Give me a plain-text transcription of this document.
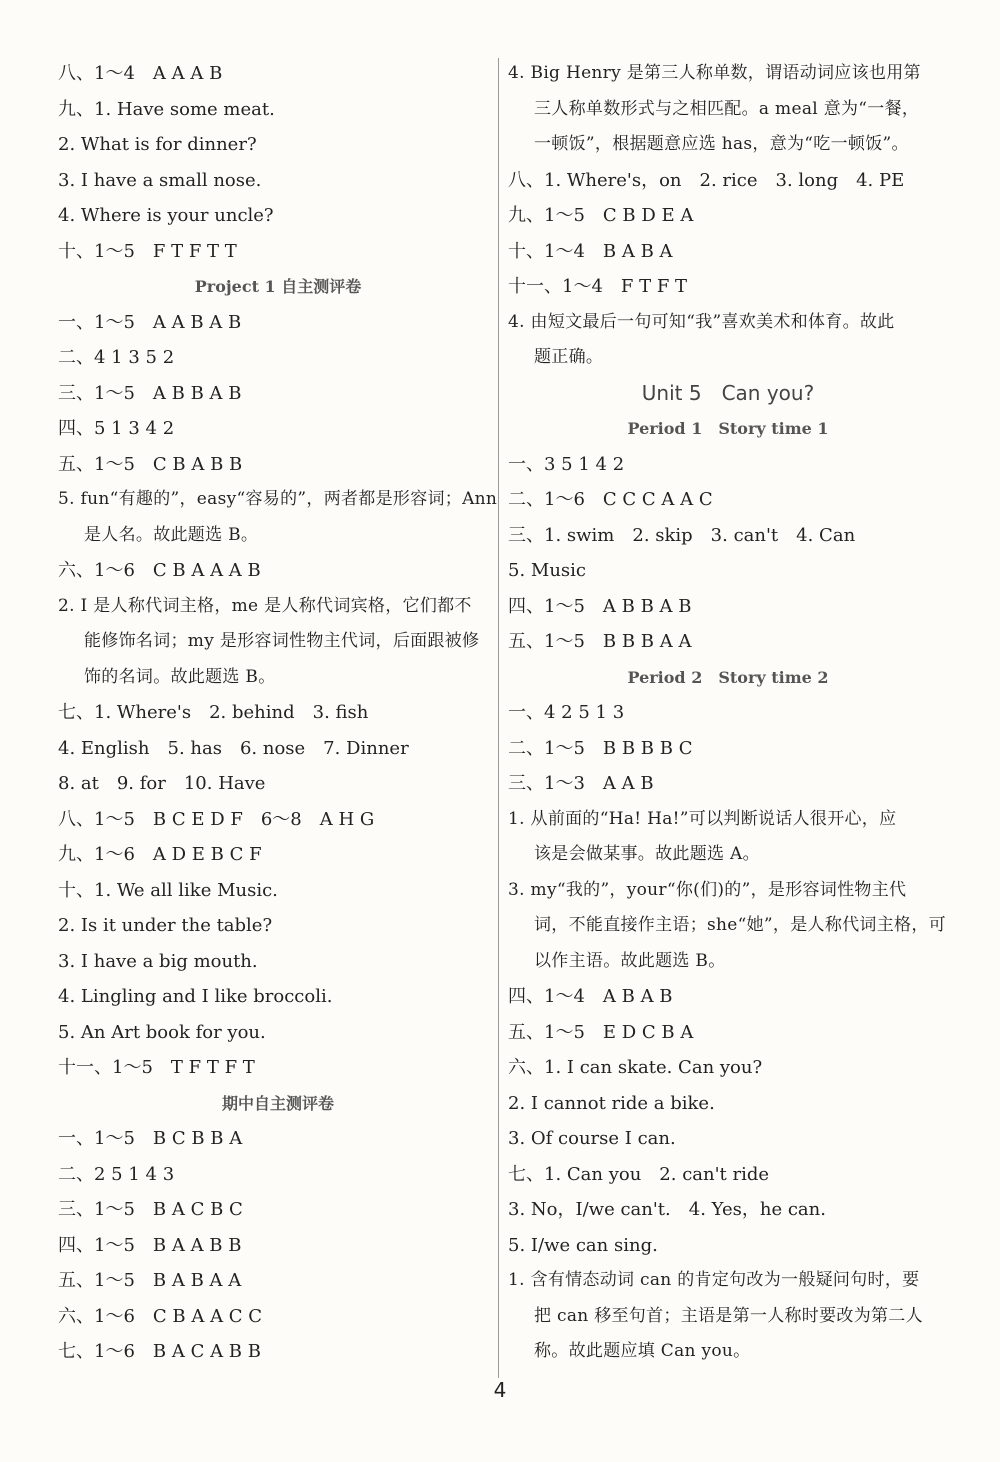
八、1～4　A A A B
九、1. Have some meat.
2. What is for dinner?
3. I have a small nose.
4. Where is your uncle?
十、1～5　F T F T T
Project 1 自主测评卷
一、1～5　A A B A B
二、4 1 3 5 2
三、1～5　A B B A B
四、5 1 3 4 2
五、1～5　C B A B B
5. fun“有趣的”，easy“容易的”，两者都是形容词；Ann
是人名。故此题选 B。
六、1～6　C B A A A B
2. I 是人称代词主格，me 是人称代词宾格，它们都不
能修饰名词；my 是形容词性物主代词，后面跟被修
饰的名词。故此题选 B。
七、1. Where's　2. behind　3. fish
4. English　5. has　6. nose　7. Dinner
8. at　9. for　10. Have
八、1～5　B C E D F　6～8　A H G
九、1～6　A D E B C F
十、1. We all like Music.
2. Is it under the table?
3. I have a big mouth.
4. Lingling and I like broccoli.
5. An Art book for you.
十一、1～5　T F T F T
期中自主测评卷
一、1～5　B C B B A
二、2 5 1 4 3
三、1～5　B A C B C
四、1～5　B A A B B
五、1～5　B A B A A
六、1～6　C B A A C C
七、1～6　B A C A B B
4. Big Henry 是第三人称单数，谓语动词应该也用第
三人称单数形式与之相匹配。a meal 意为“一餐，
一顿饭”，根据题意应选 has，意为“吃一顿饭”。
八、1. Where's，on　2. rice　3. long　4. PE
九、1～5　C B D E A
十、1～4　B A B A
十一、1～4　F T F T
4. 由短文最后一句可知“我”喜欢美术和体育。故此
题正确。
Unit 5　Can you?
Period 1　Story time 1
一、3 5 1 4 2
二、1～6　C C C A A C
三、1. swim　2. skip　3. can't　4. Can
5. Music
四、1～5　A B B A B
五、1～5　B B B A A
Period 2　Story time 2
一、4 2 5 1 3
二、1～5　B B B B C
三、1～3　A A B
1. 从前面的“Ha! Ha!”可以判断说话人很开心，应
该是会做某事。故此题选 A。
3. my“我的”，your“你(们)的”，是形容词性物主代
词，不能直接作主语；she“她”，是人称代词主格，可
以作主语。故此题选 B。
四、1～4　A B A B
五、1～5　E D C B A
六、1. I can skate. Can you?
2. I cannot ride a bike.
3. Of course I can.
七、1. Can you　2. can't ride
3. No，I/we can't.　4. Yes，he can.
5. I/we can sing.
1. 含有情态动词 can 的肯定句改为一般疑问句时，要
把 can 移至句首；主语是第一人称时要改为第二人
称。故此题应填 Can you。
4
